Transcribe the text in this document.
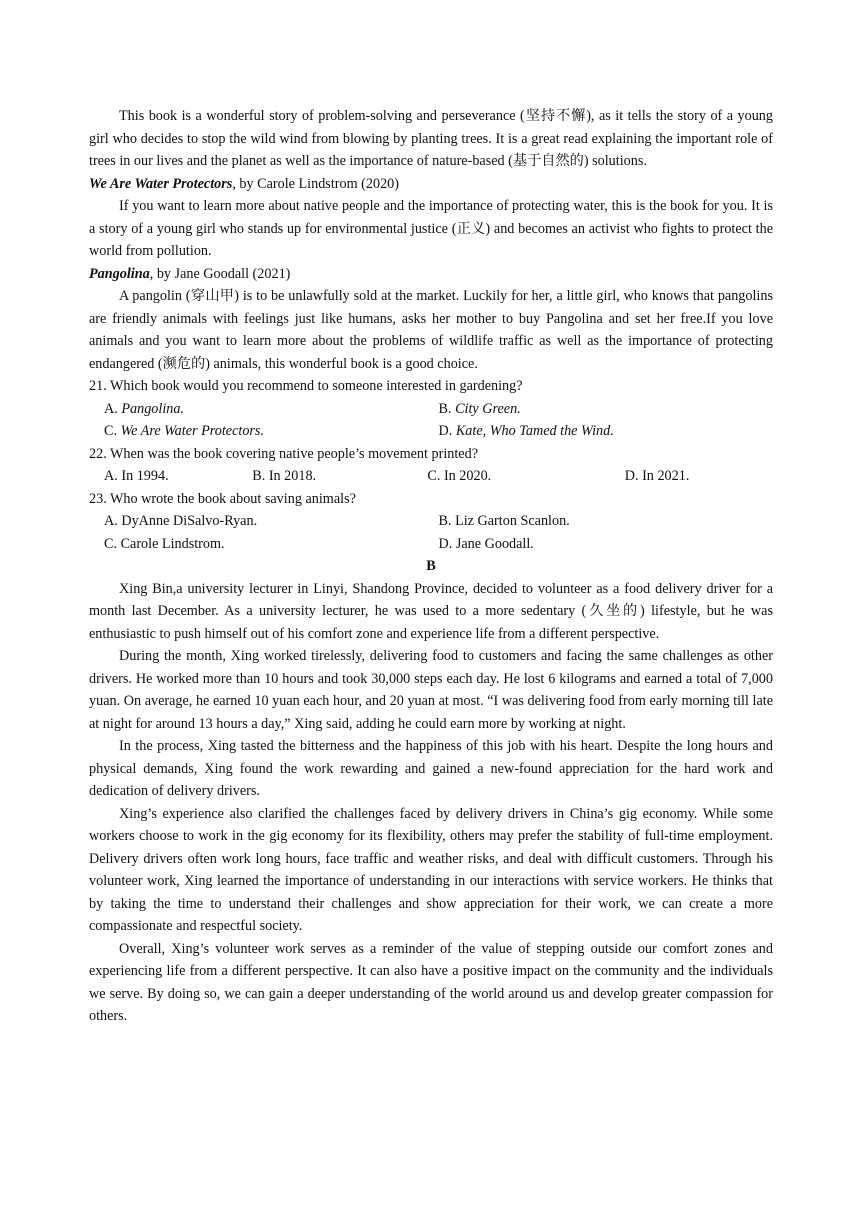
This book is a wonderful story of problem-solving and perseverance (坚持不懈), as it tells the story of a young girl who decides to stop the wild wind from blowing by planting trees. It is a great read explaining the important role of trees in our lives and the planet as well as the importance of nature-based (基于自然的) solutions.

We Are Water Protectors, by Carole Lindstrom (2020)

If you want to learn more about native people and the importance of protecting water, this is the book for you. It is a story of a young girl who stands up for environmental justice (正义) and becomes an activist who fights to protect the world from pollution.

Pangolina, by Jane Goodall (2021)

A pangolin (穿山甲) is to be unlawfully sold at the market. Luckily for her, a little girl, who knows that pangolins are friendly animals with feelings just like humans, asks her mother to buy Pangolina and set her free.If you love animals and you want to learn more about the problems of wildlife traffic as well as the importance of protecting endangered (濒危的) animals, this wonderful book is a good choice.

21. Which book would you recommend to someone interested in gardening?
A. Pangolina.	B. City Green.
C. We Are Water Protectors.	D. Kate, Who Tamed the Wind.
22. When was the book covering native people’s movement printed?
A. In 1994.	B. In 2018.	C. In 2020.	D. In 2021.
23. Who wrote the book about saving animals?
A. DyAnne DiSalvo-Ryan.	B. Liz Garton Scanlon.
C. Carole Lindstrom.	D. Jane Goodall.
B

Xing Bin,a university lecturer in Linyi, Shandong Province, decided to volunteer as a food delivery driver for a month last December. As a university lecturer, he was used to a more sedentary (久坐的) lifestyle, but he was enthusiastic to push himself out of his comfort zone and experience life from a different perspective.

During the month, Xing worked tirelessly, delivering food to customers and facing the same challenges as other drivers. He worked more than 10 hours and took 30,000 steps each day. He lost 6 kilograms and earned a total of 7,000 yuan. On average, he earned 10 yuan each hour, and 20 yuan at most. “I was delivering food from early morning till late at night for around 13 hours a day,” Xing said, adding he could earn more by working at night.

In the process, Xing tasted the bitterness and the happiness of this job with his heart. Despite the long hours and physical demands, Xing found the work rewarding and gained a new-found appreciation for the hard work and dedication of delivery drivers.

Xing’s experience also clarified the challenges faced by delivery drivers in China’s gig economy. While some workers choose to work in the gig economy for its flexibility, others may prefer the stability of full-time employment. Delivery drivers often work long hours, face traffic and weather risks, and deal with difficult customers. Through his volunteer work, Xing learned the importance of understanding in our interactions with service workers. He thinks that by taking the time to understand their challenges and show appreciation for their work, we can create a more compassionate and respectful society.

Overall, Xing’s volunteer work serves as a reminder of the value of stepping outside our comfort zones and experiencing life from a different perspective. It can also have a positive impact on the community and the individuals we serve. By doing so, we can gain a deeper understanding of the world around us and develop greater compassion for others.
